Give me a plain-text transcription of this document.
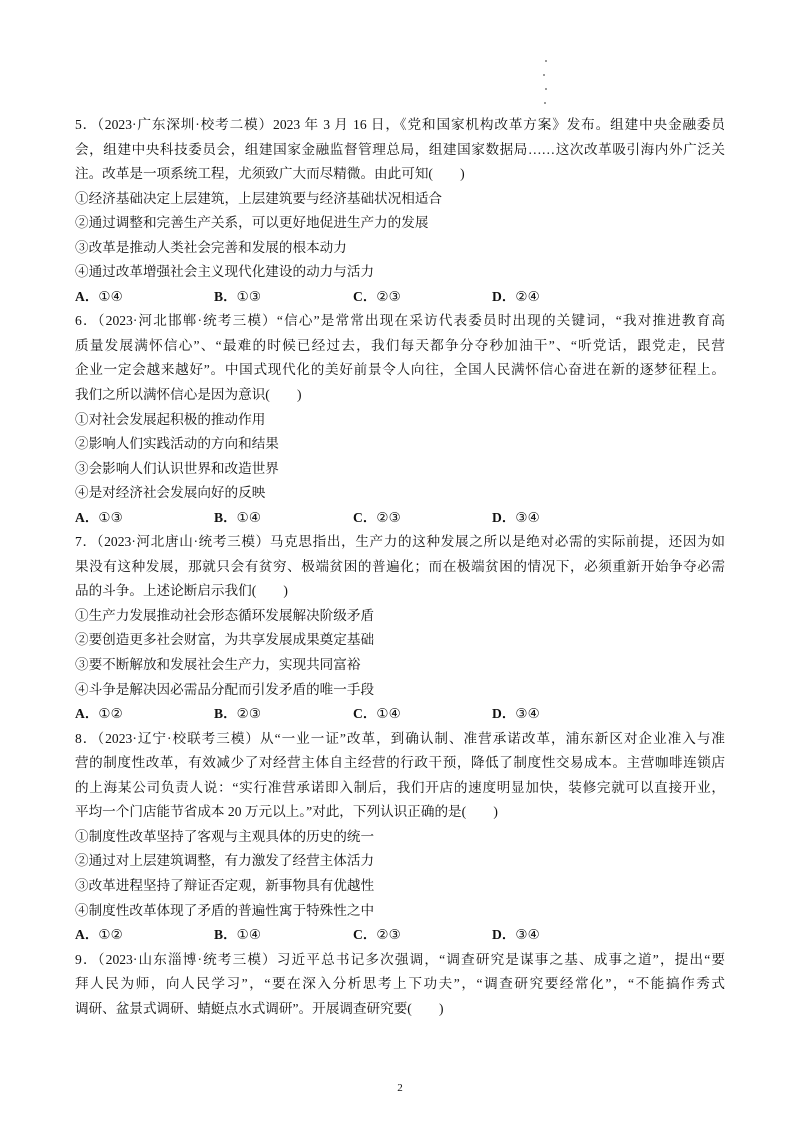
5．（2023·广东深圳·校考二模）2023 年 3 月 16 日，《党和国家机构改革方案》发布。组建中央金融委员
会，组建中央科技委员会，组建国家金融监督管理总局，组建国家数据局……这次改革吸引海内外广泛关
注。改革是一项系统工程，尤须致广大而尽精微。由此可知(　　)
①经济基础决定上层建筑，上层建筑要与经济基础状况相适合
②通过调整和完善生产关系，可以更好地促进生产力的发展
③改革是推动人类社会完善和发展的根本动力
④通过改革增强社会主义现代化建设的动力与活力
A．①④	B．①③	C．②③	D．②④
6．（2023·河北邯郸·统考三模）“信心”是常常出现在采访代表委员时出现的关键词，“我对推进教育高
质量发展满怀信心”、“最难的时候已经过去，我们每天都争分夺秒加油干”、“听党话，跟党走，民营
企业一定会越来越好”。中国式现代化的美好前景令人向往，全国人民满怀信心奋进在新的逐梦征程上。
我们之所以满怀信心是因为意识(　　)
①对社会发展起积极的推动作用
②影响人们实践活动的方向和结果
③会影响人们认识世界和改造世界
④是对经济社会发展向好的反映
A．①③	B．①④	C．②③	D．③④
7．（2023·河北唐山·统考三模）马克思指出，生产力的这种发展之所以是绝对必需的实际前提，还因为如
果没有这种发展，那就只会有贫穷、极端贫困的普遍化；而在极端贫困的情况下，必须重新开始争夺必需
品的斗争。上述论断启示我们(　　)
①生产力发展推动社会形态循环发展解决阶级矛盾
②要创造更多社会财富，为共享发展成果奠定基础
③要不断解放和发展社会生产力，实现共同富裕
④斗争是解决因必需品分配而引发矛盾的唯一手段
A．①②	B．②③	C．①④	D．③④
8．（2023·辽宁·校联考三模）从“一业一证”改革，到确认制、准营承诺改革，浦东新区对企业准入与准
营的制度性改革，有效减少了对经营主体自主经营的行政干预，降低了制度性交易成本。主营咖啡连锁店
的上海某公司负责人说：“实行准营承诺即入制后，我们开店的速度明显加快，装修完就可以直接开业，
平均一个门店能节省成本 20 万元以上。”对此，下列认识正确的是(　　)
①制度性改革坚持了客观与主观具体的历史的统一
②通过对上层建筑调整，有力激发了经营主体活力
③改革进程坚持了辩证否定观，新事物具有优越性
④制度性改革体现了矛盾的普遍性寓于特殊性之中
A．①②	B．①④	C．②③	D．③④
9．（2023·山东淄博·统考三模）习近平总书记多次强调，“调查研究是谋事之基、成事之道”，提出“要
拜人民为师，向人民学习”，“要在深入分析思考上下功夫”，“调查研究要经常化”，“不能搞作秀式
调研、盆景式调研、蜻蜓点水式调研”。开展调查研究要(　　)
2
